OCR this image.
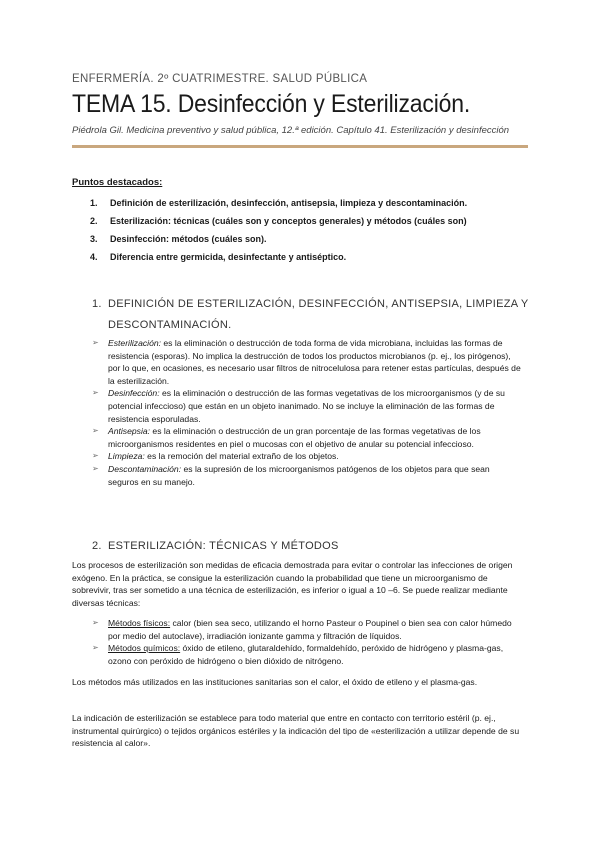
ENFERMERÍA. 2º CUATRIMESTRE. SALUD PÚBLICA
TEMA 15. Desinfección y Esterilización.
Piédrola Gil. Medicina preventivo y salud pública, 12.ª edición. Capítulo 41. Esterilización y desinfección
Puntos destacados:
1. Definición de esterilización, desinfección, antisepsia, limpieza y descontaminación.
2. Esterilización: técnicas (cuáles son y conceptos generales) y métodos (cuáles son)
3. Desinfección: métodos (cuáles son).
4. Diferencia entre germicida, desinfectante y antiséptico.
1. DEFINICIÓN DE ESTERILIZACIÓN, DESINFECCIÓN, ANTISEPSIA, LIMPIEZA Y DESCONTAMINACIÓN.
➢ Esterilización: es la eliminación o destrucción de toda forma de vida microbiana, incluidas las formas de resistencia (esporas). No implica la destrucción de todos los productos microbianos (p. ej., los pirógenos), por lo que, en ocasiones, es necesario usar filtros de nitrocelulosa para retener estas partículas, después de la esterilización.
➢ Desinfección: es la eliminación o destrucción de las formas vegetativas de los microorganismos (y de su potencial infeccioso) que están en un objeto inanimado. No se incluye la eliminación de las formas de resistencia esporuladas.
➢ Antisepsia: es la eliminación o destrucción de un gran porcentaje de las formas vegetativas de los microorganismos residentes en piel o mucosas con el objetivo de anular su potencial infeccioso.
➢ Limpieza: es la remoción del material extraño de los objetos.
➢ Descontaminación: es la supresión de los microorganismos patógenos de los objetos para que sean seguros en su manejo.
2. ESTERILIZACIÓN: TÉCNICAS Y MÉTODOS

Los procesos de esterilización son medidas de eficacia demostrada para evitar o controlar las infecciones de origen exógeno. En la práctica, se consigue la esterilización cuando la probabilidad que tiene un microorganismo de sobrevivir, tras ser sometido a una técnica de esterilización, es inferior o igual a 10 –6. Se puede realizar mediante diversas técnicas:

➢ Métodos físicos: calor (bien sea seco, utilizando el horno Pasteur o Poupinel o bien sea con calor húmedo por medio del autoclave), irradiación ionizante gamma y filtración de líquidos.
➢ Métodos químicos: óxido de etileno, glutaraldehído, formaldehído, peróxido de hidrógeno y plasma-gas, ozono con peróxido de hidrógeno o bien dióxido de nitrógeno.

Los métodos más utilizados en las instituciones sanitarias son el calor, el óxido de etileno y el plasma-gas.

La indicación de esterilización se establece para todo material que entre en contacto con territorio estéril (p. ej., instrumental quirúrgico) o tejidos orgánicos estériles y la indicación del tipo de «esterilización a utilizar depende de su resistencia al calor».
